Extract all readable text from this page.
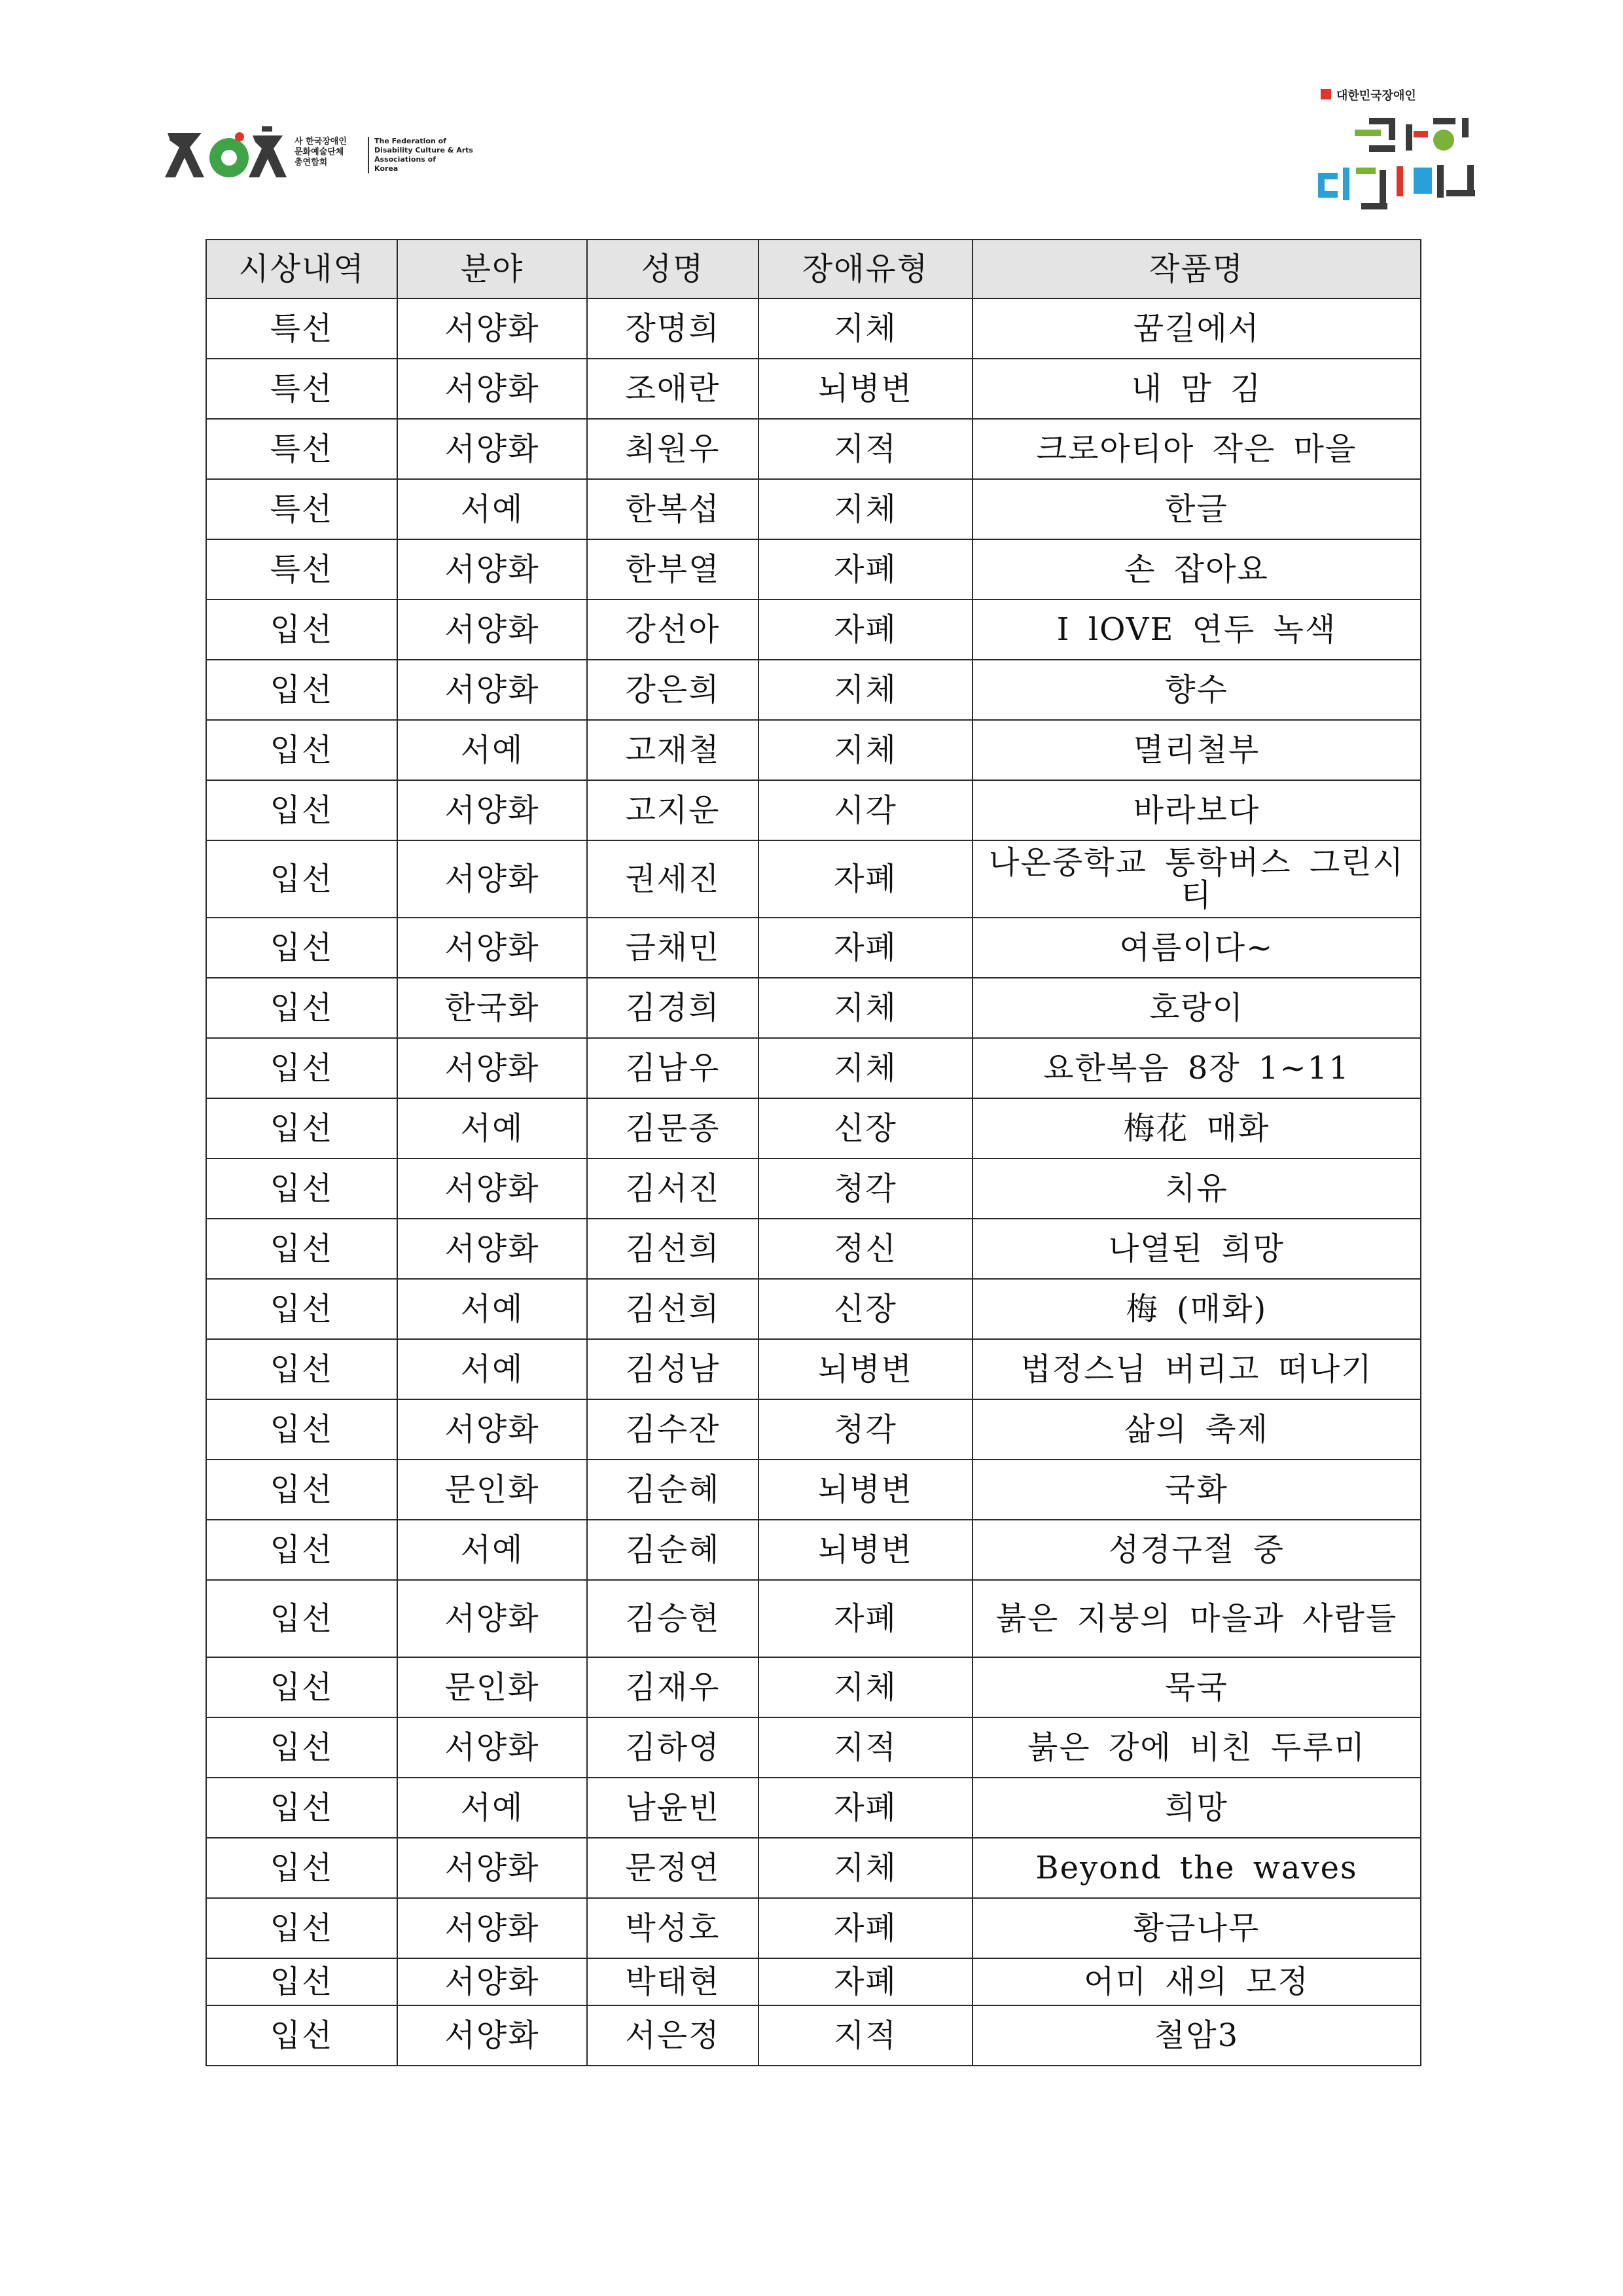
사 한국장애인
문화예술단체
총연합회
The Federation of
Disability Culture & Arts
Associations of
Korea
대한민국장애인
시상내역	분야	성명	장애유형	작품명
특선	서양화	장명희	지체	꿈길에서
특선	서양화	조애란	뇌병변	내 맘 김
특선	서양화	최원우	지적	크로아티아 작은 마을
특선	서예	한복섭	지체	한글
특선	서양화	한부열	자폐	손 잡아요
입선	서양화	강선아	자폐	I lOVE 연두 녹색
입선	서양화	강은희	지체	향수
입선	서예	고재철	지체	멸리철부
입선	서양화	고지운	시각	바라보다
입선	서양화	권세진	자폐	나온중학교 통학버스 그린시티
입선	서양화	금채민	자폐	여름이다~
입선	한국화	김경희	지체	호랑이
입선	서양화	김남우	지체	요한복음 8장 1~11
입선	서예	김문종	신장	梅花 매화
입선	서양화	김서진	청각	치유
입선	서양화	김선희	정신	나열된 희망
입선	서예	김선희	신장	梅 (매화)
입선	서예	김성남	뇌병변	법정스님 버리고 떠나기
입선	서양화	김수잔	청각	삶의 축제
입선	문인화	김순혜	뇌병변	국화
입선	서예	김순혜	뇌병변	성경구절 중
입선	서양화	김승현	자폐	붉은 지붕의 마을과 사람들
입선	문인화	김재우	지체	묵국
입선	서양화	김하영	지적	붉은 강에 비친 두루미
입선	서예	남윤빈	자폐	희망
입선	서양화	문정연	지체	Beyond the waves
입선	서양화	박성호	자폐	황금나무
입선	서양화	박태현	자폐	어미 새의 모정
입선	서양화	서은정	지적	철암3
